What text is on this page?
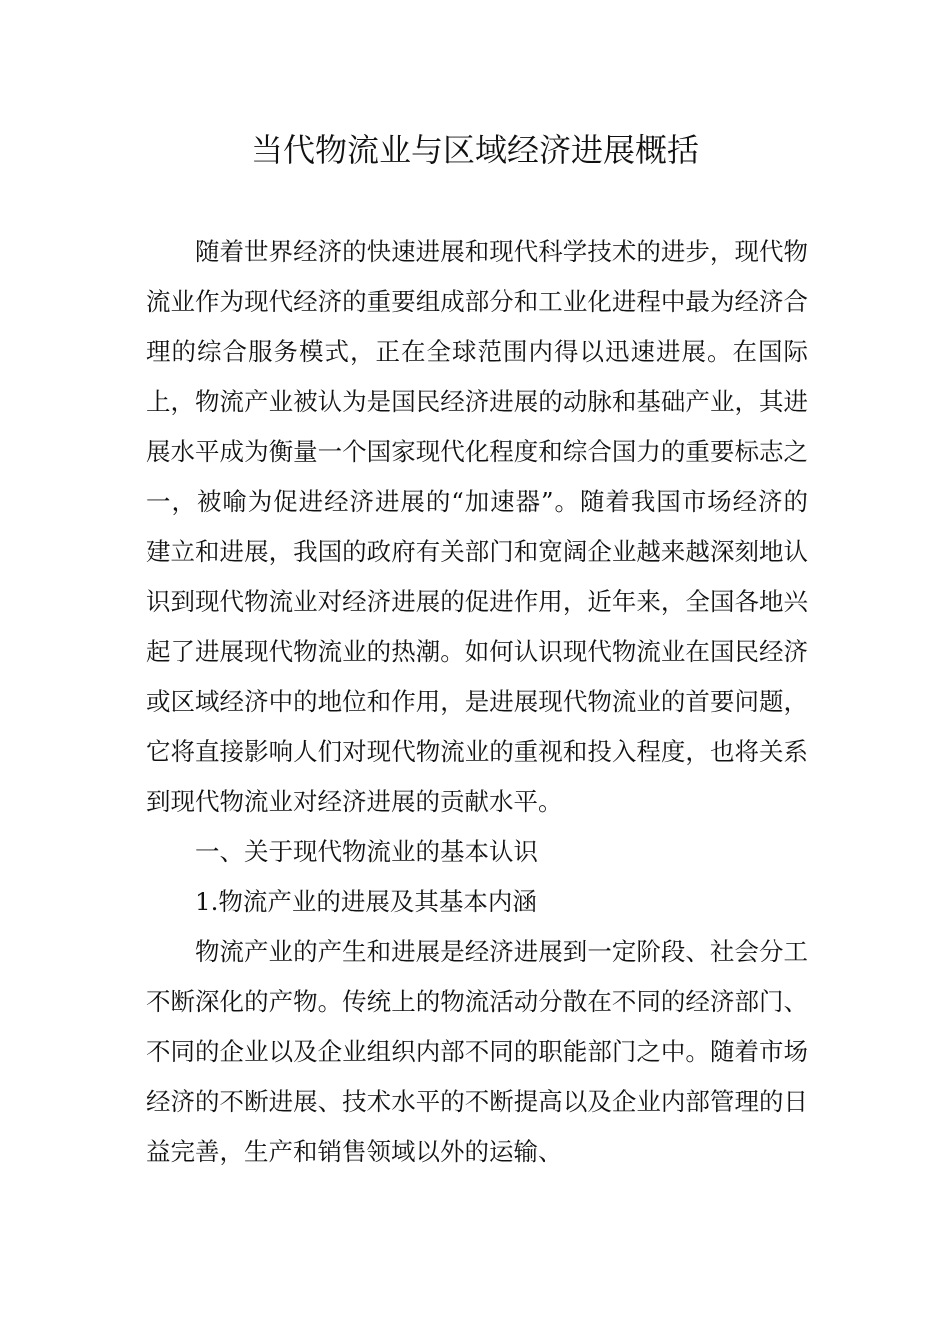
当代物流业与区域经济进展概括

随着世界经济的快速进展和现代科学技术的进步，现代物流业作为现代经济的重要组成部分和工业化进程中最为经济合理的综合服务模式，正在全球范围内得以迅速进展。在国际上，物流产业被认为是国民经济进展的动脉和基础产业，其进展水平成为衡量一个国家现代化程度和综合国力的重要标志之一，被喻为促进经济进展的“加速器”。随着我国市场经济的建立和进展，我国的政府有关部门和宽阔企业越来越深刻地认识到现代物流业对经济进展的促进作用，近年来，全国各地兴起了进展现代物流业的热潮。如何认识现代物流业在国民经济或区域经济中的地位和作用，是进展现代物流业的首要问题，它将直接影响人们对现代物流业的重视和投入程度，也将关系到现代物流业对经济进展的贡献水平。

一、关于现代物流业的基本认识

1.物流产业的进展及其基本内涵

物流产业的产生和进展是经济进展到一定阶段、社会分工不断深化的产物。传统上的物流活动分散在不同的经济部门、不同的企业以及企业组织内部不同的职能部门之中。随着市场经济的不断进展、技术水平的不断提高以及企业内部管理的日益完善，生产和销售领域以外的运输、
